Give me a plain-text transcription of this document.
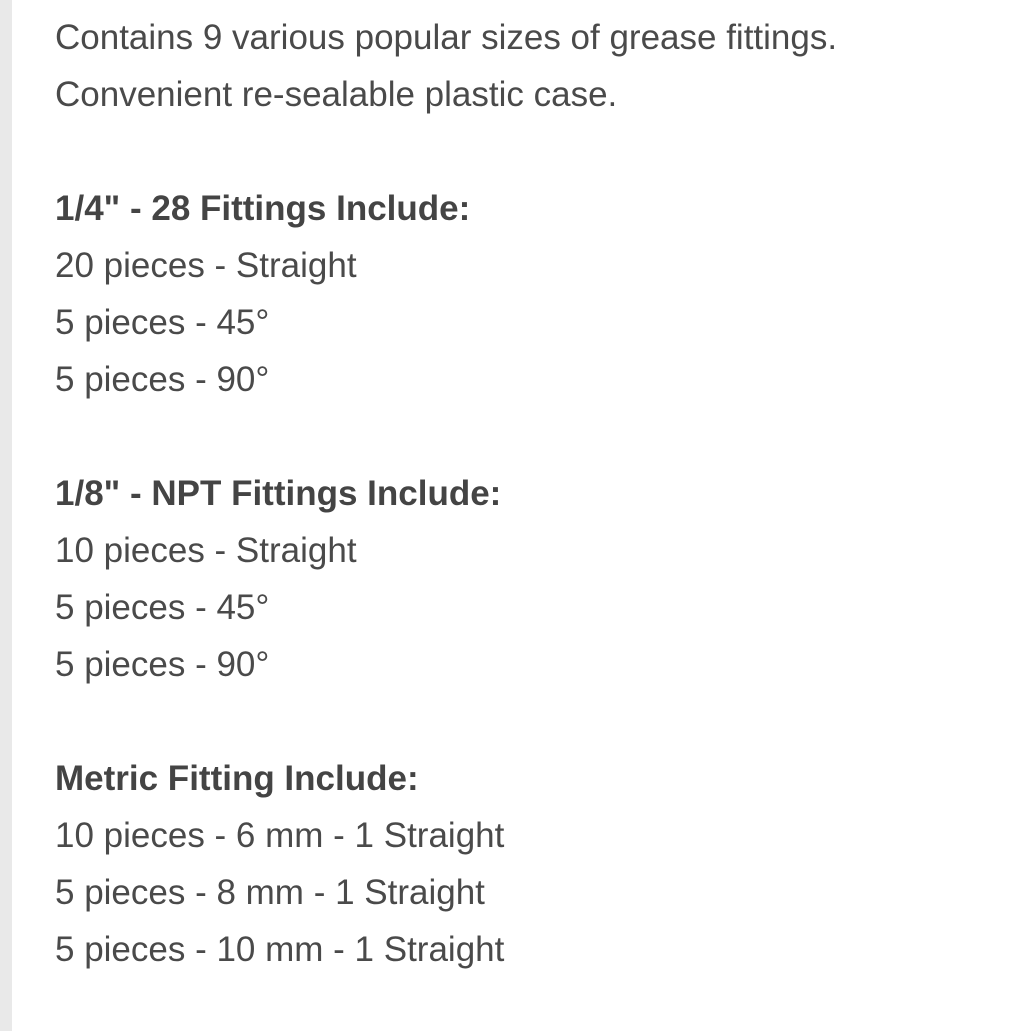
Contains 9 various popular sizes of grease fittings.
Convenient re-sealable plastic case.
1/4" - 28 Fittings Include:
20 pieces - Straight
5 pieces - 45°
5 pieces - 90°
1/8" - NPT Fittings Include:
10 pieces - Straight
5 pieces - 45°
5 pieces - 90°
Metric Fitting Include:
10 pieces - 6 mm - 1 Straight
5 pieces - 8 mm - 1 Straight
5 pieces - 10 mm - 1 Straight
